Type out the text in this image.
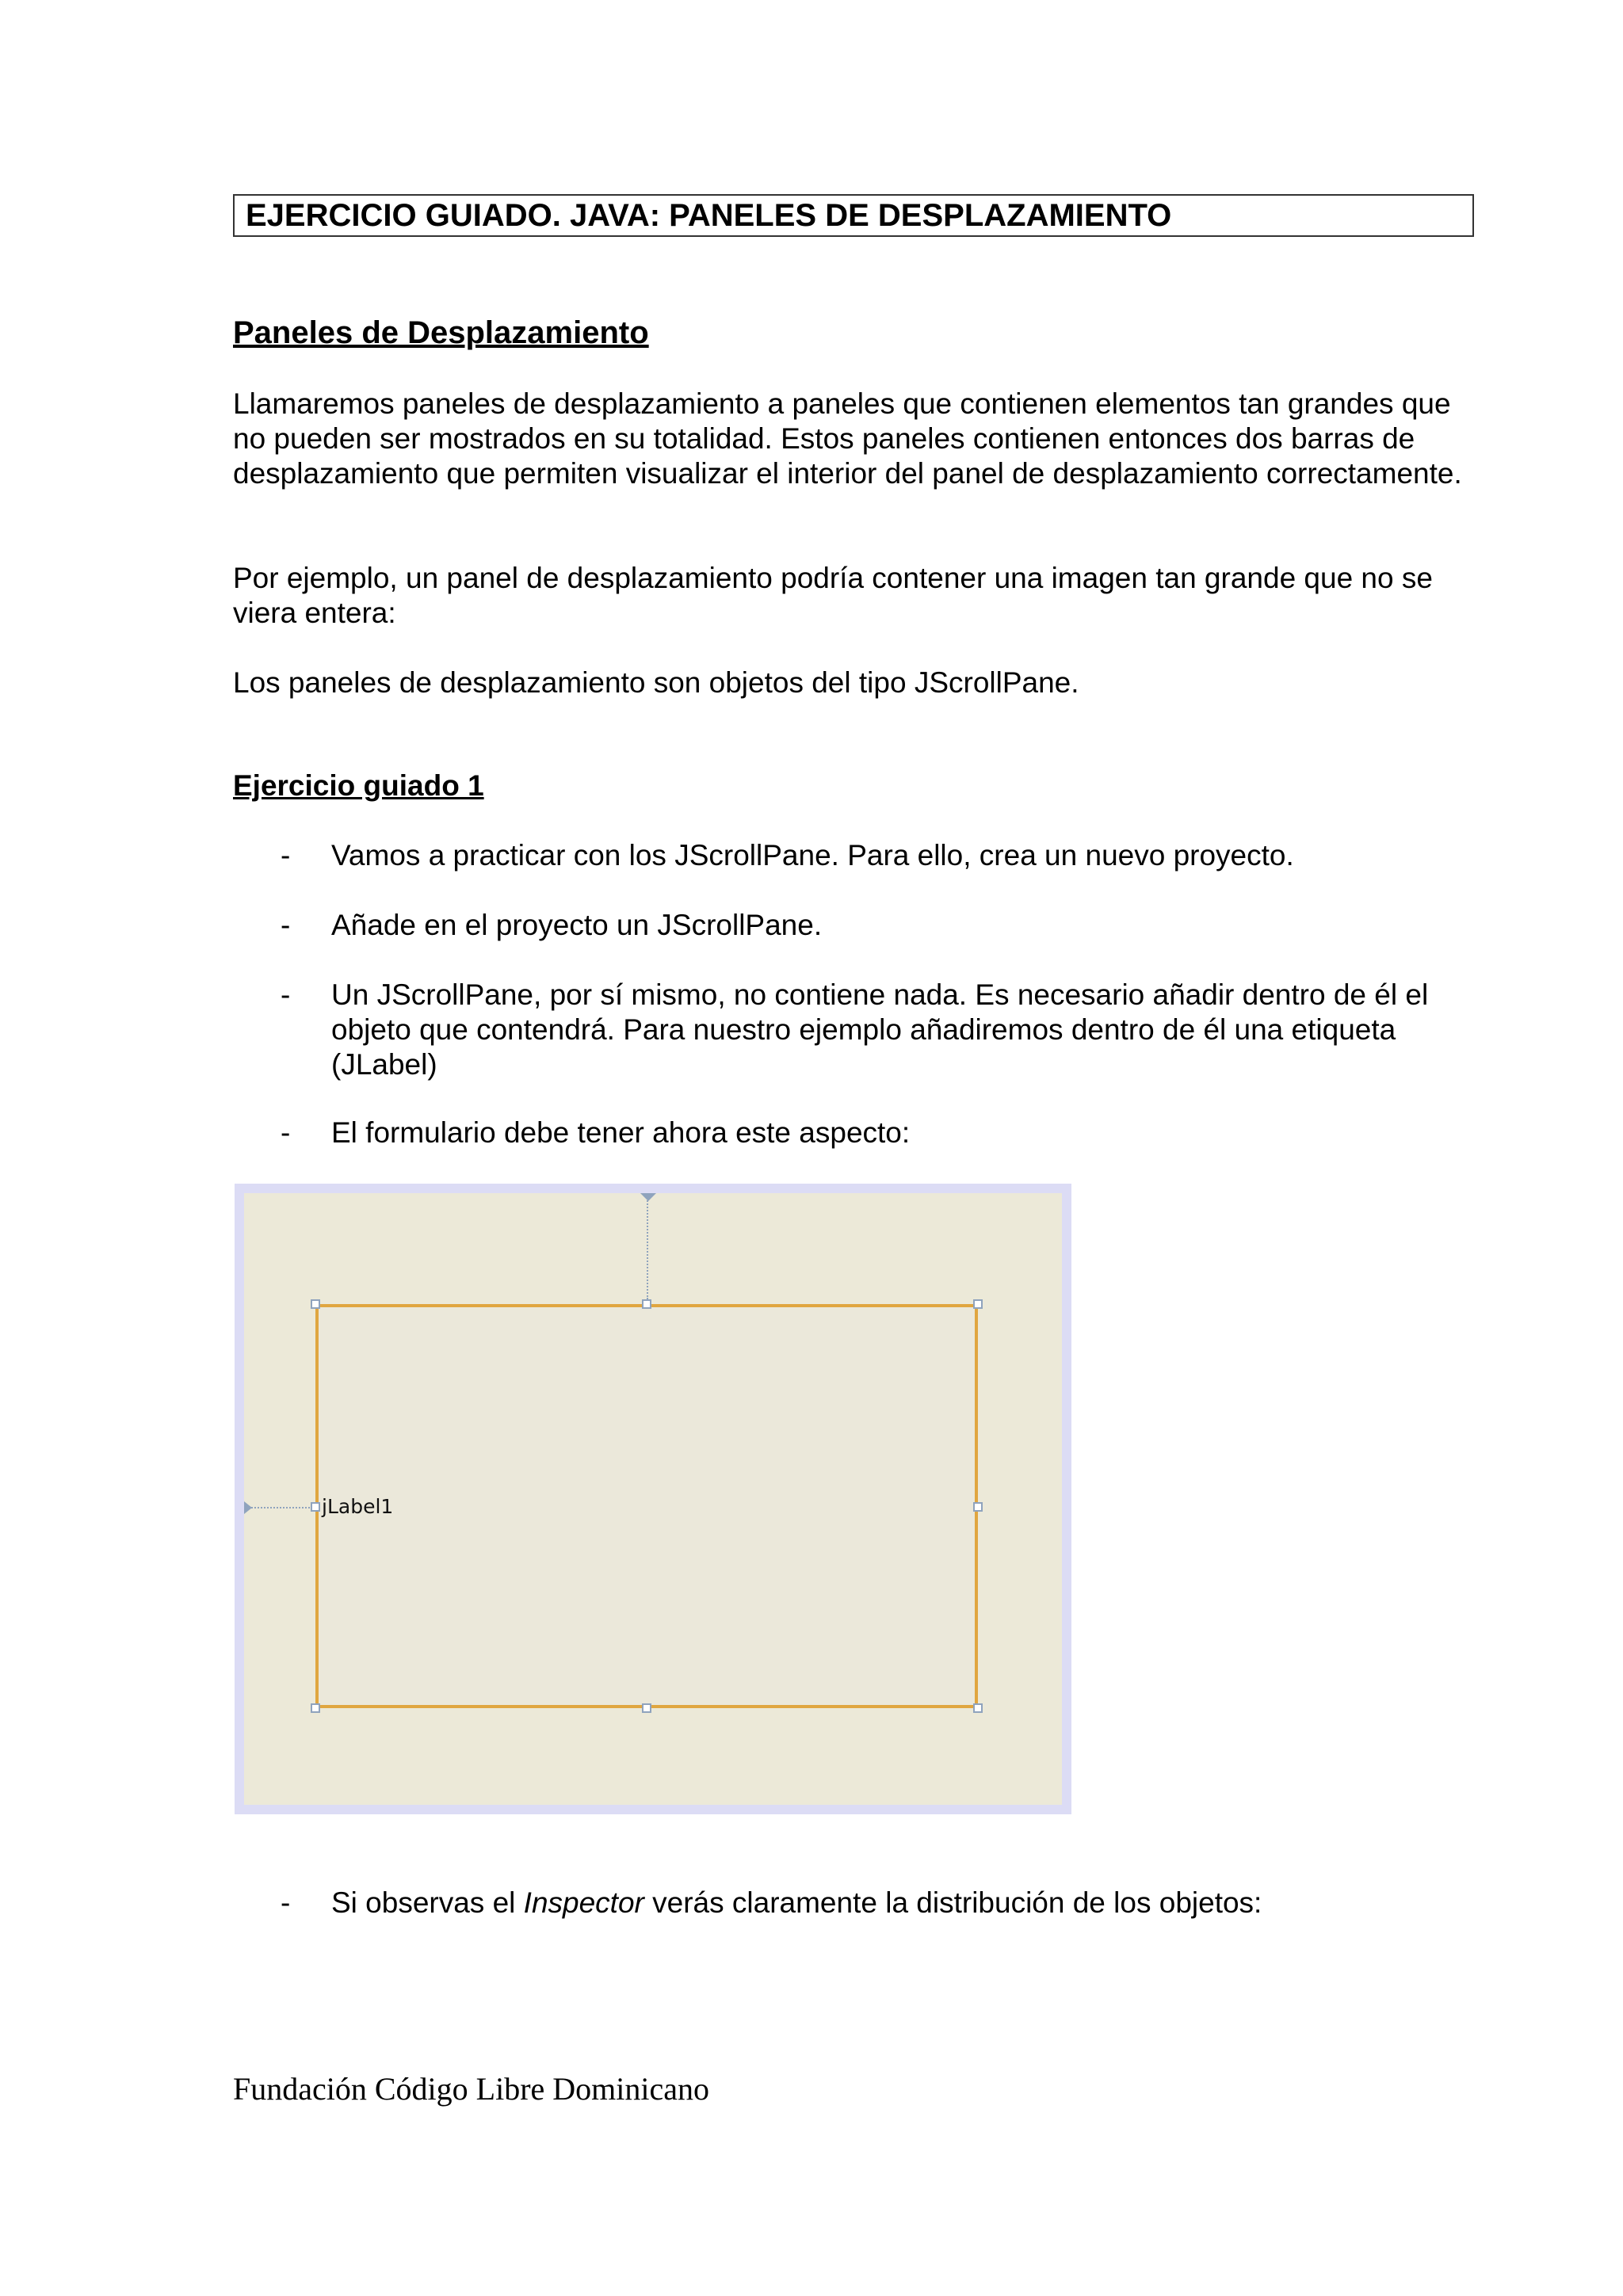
EJERCICIO GUIADO. JAVA: PANELES DE DESPLAZAMIENTO
Paneles de Desplazamiento
Llamaremos paneles de desplazamiento a paneles que contienen elementos tan grandes que no pueden ser mostrados en su totalidad. Estos paneles contienen entonces dos barras de desplazamiento que permiten visualizar el interior del panel de desplazamiento correctamente.
Por ejemplo, un panel de desplazamiento podría contener una imagen tan grande que no se viera entera:
Los paneles de desplazamiento son objetos del tipo JScrollPane.
Ejercicio guiado 1
- Vamos a practicar con los JScrollPane. Para ello, crea un nuevo proyecto.
- Añade en el proyecto un JScrollPane.
- Un JScrollPane, por sí mismo, no contiene nada. Es necesario añadir dentro de él el objeto que contendrá. Para nuestro ejemplo añadiremos dentro de él una etiqueta (JLabel)
- El formulario debe tener ahora este aspecto:
jLabel1
- Si observas el Inspector verás claramente la distribución de los objetos:
Fundación Código Libre Dominicano
